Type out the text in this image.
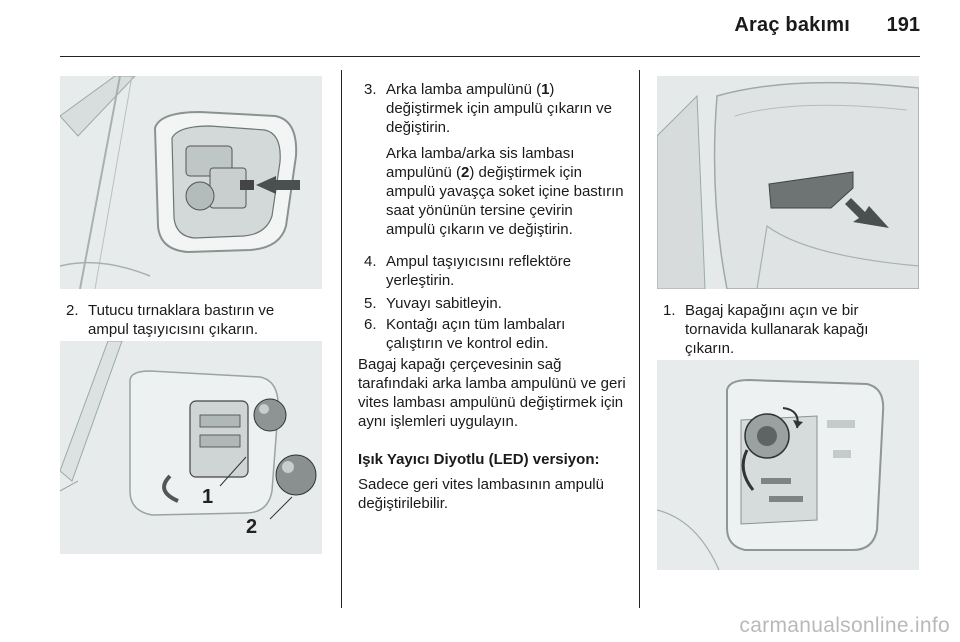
Araç bakımı	191
2. Tutucu tırnaklara bastırın ve ampul taşıyıcısını çıkarın.
1
2
3. Arka lamba ampulünü (1) değiştirmek için ampulü çıkarın ve değiştirin.
Arka lamba/arka sis lambası ampulünü (2) değiştirmek için ampulü yavaşça soket içine bastırın saat yönünün tersine çevirin ampulü çıkarın ve değiştirin.
4. Ampul taşıyıcısını reflektöre yerleştirin.
5. Yuvayı sabitleyin.
6. Kontağı açın tüm lambaları çalıştırın ve kontrol edin.
Bagaj kapağı çerçevesinin sağ tarafındaki arka lamba ampulünü ve geri vites lambası ampulünü değiştirmek için aynı işlemleri uygulayın.
Işık Yayıcı Diyotlu (LED) versiyon:
Sadece geri vites lambasının ampulü değiştirilebilir.
1. Bagaj kapağını açın ve bir tornavida kullanarak kapağı çıkarın.
carmanualsonline.info
